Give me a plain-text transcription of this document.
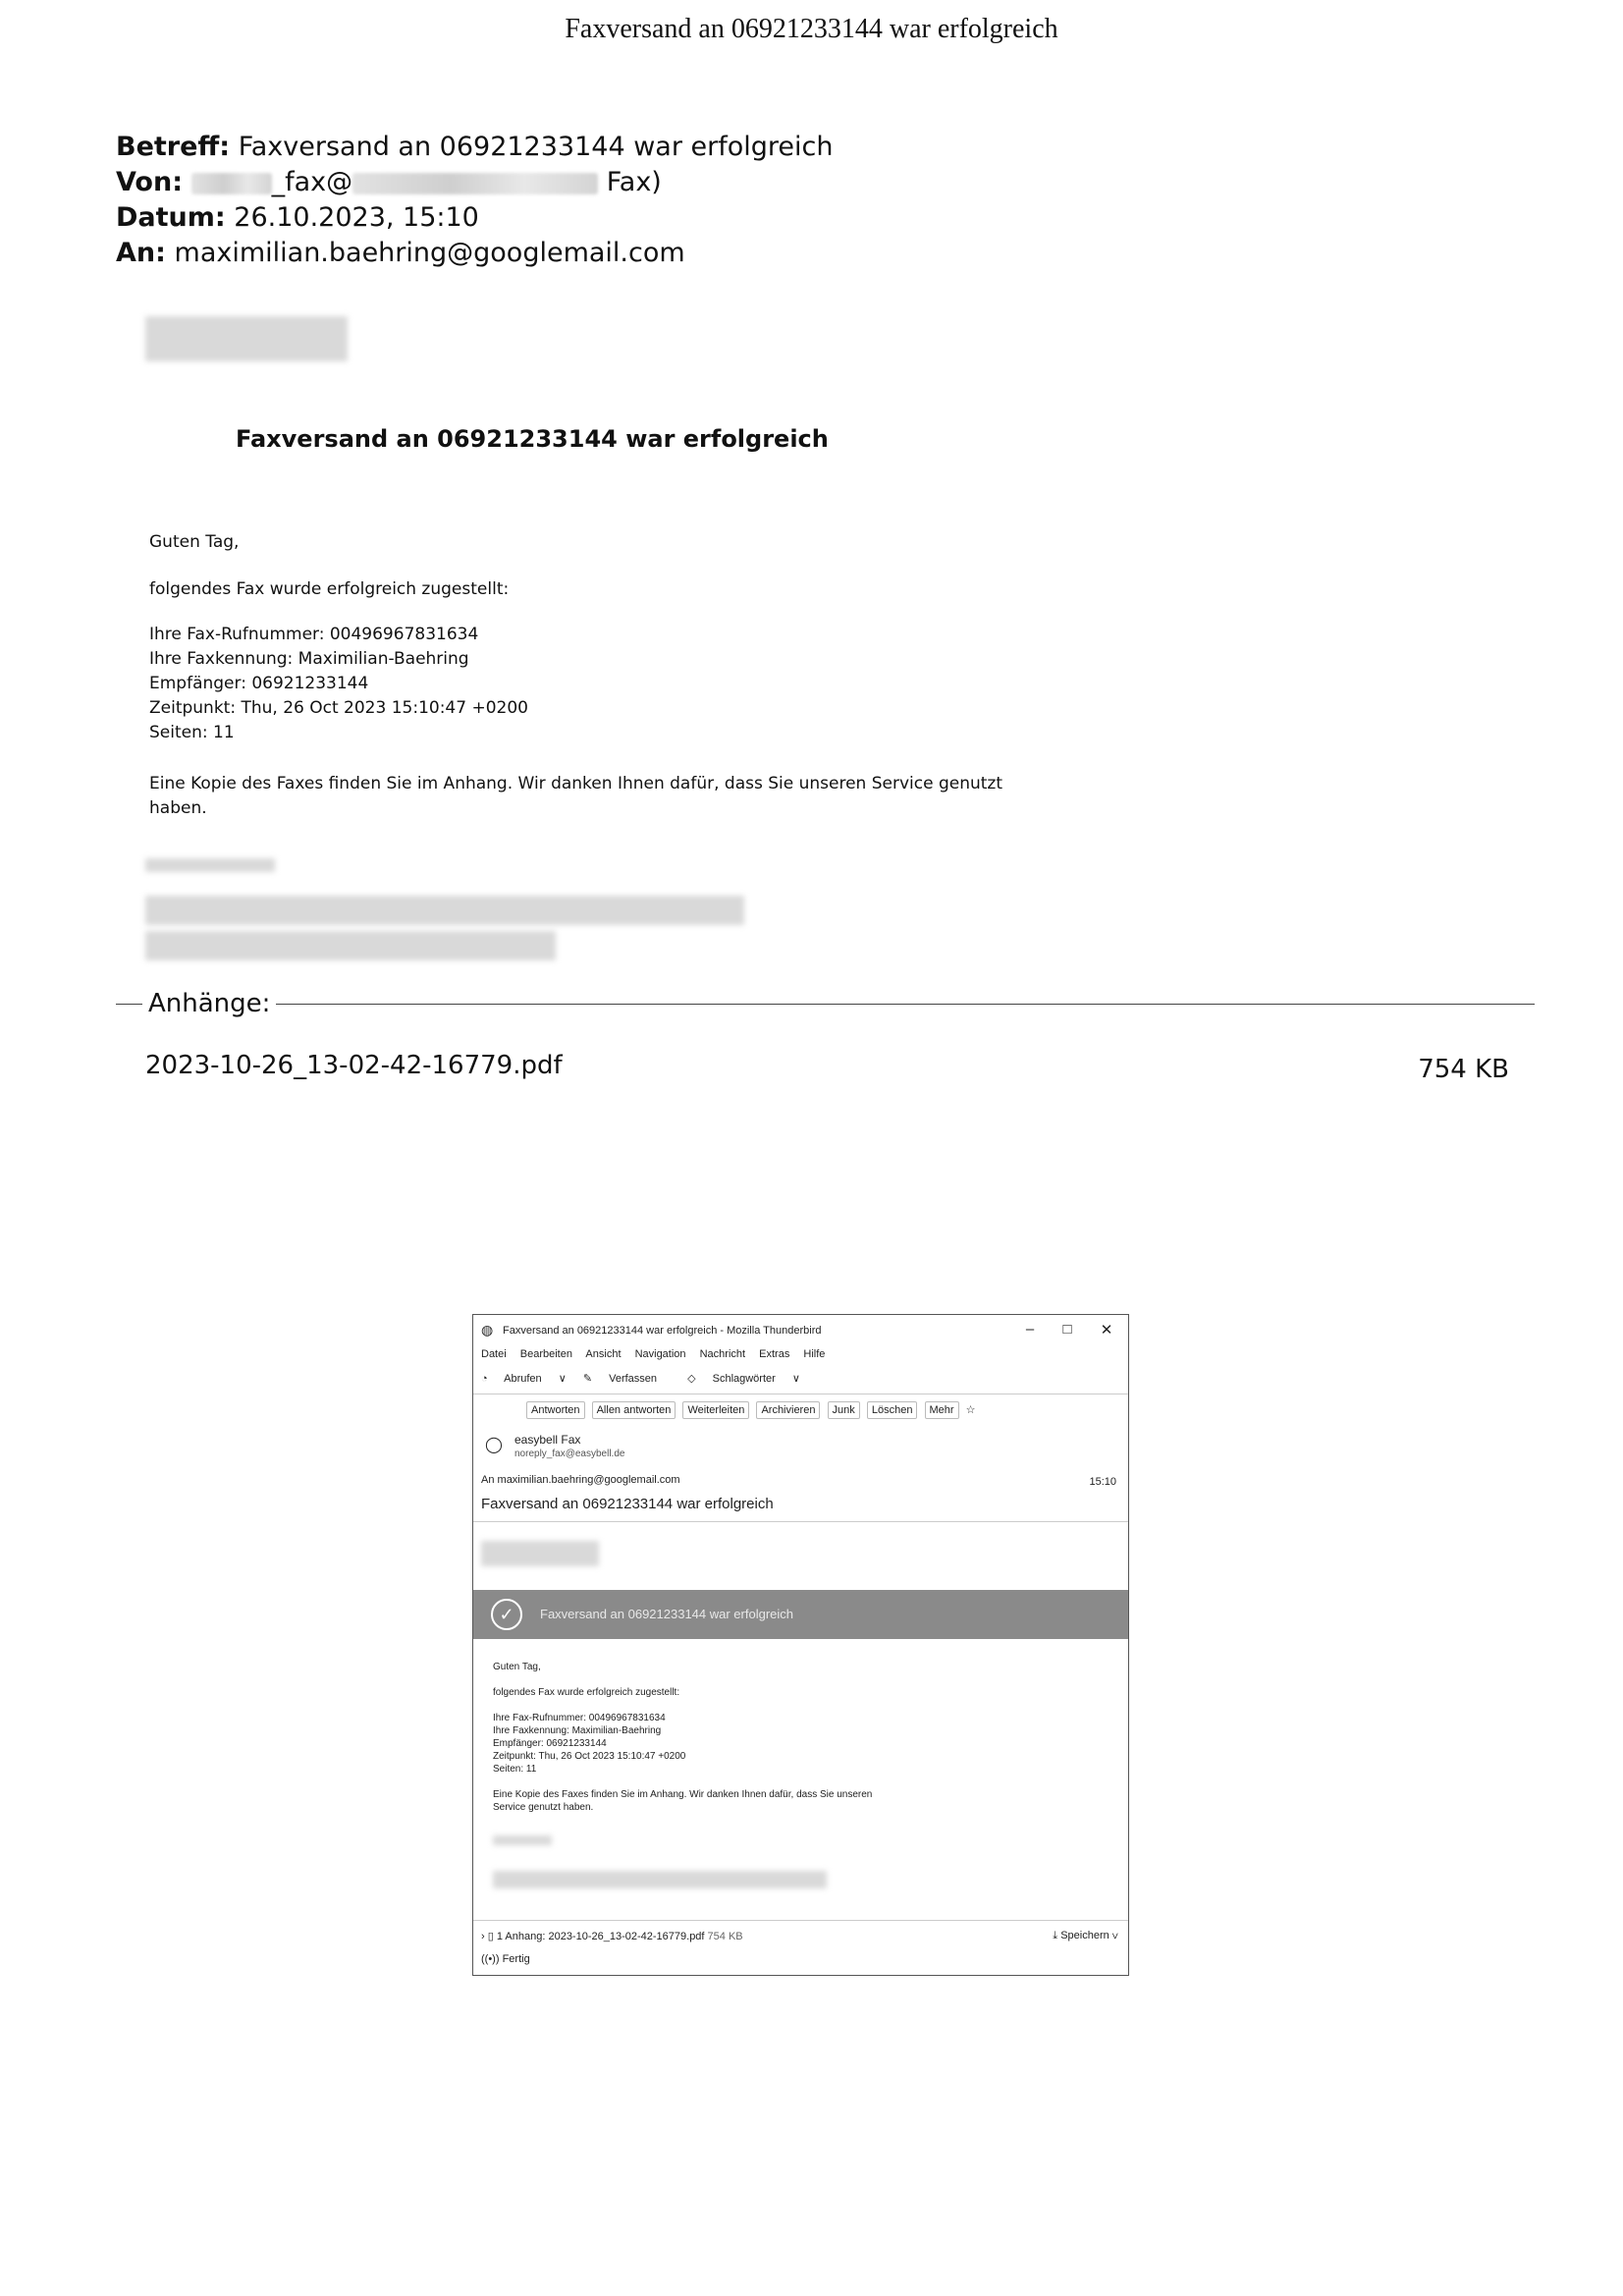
Faxversand an 06921233144 war erfolgreich
Betreff: Faxversand an 06921233144 war erfolgreich
Von:	_fax@	Fax)
Datum: 26.10.2023, 15:10
An: maximilian.baehring@googlemail.com
Faxversand an 06921233144 war erfolgreich
Guten Tag,
folgendes Fax wurde erfolgreich zugestellt:
Ihre Fax-Rufnummer: 00496967831634
Ihre Faxkennung: Maximilian-Baehring
Empfänger: 06921233144
Zeitpunkt: Thu, 26 Oct 2023 15:10:47 +0200
Seiten: 11
Eine Kopie des Faxes finden Sie im Anhang. Wir danken Ihnen dafür, dass Sie unseren Service genutzt
haben.
Anhänge:
2023-10-26_13-02-42-16779.pdf	754 KB
◍ Faxversand an 06921233144 war erfolgreich - Mozilla Thunderbird	–	□	✕
Datei Bearbeiten Ansicht Navigation Nachricht Extras Hilfe
◔ Abrufen ∨ ✎ Verfassen	◇ Schlagwörter ∨
Antworten Allen antworten Weiterleiten Archivieren Junk Löschen Mehr ☆
◯ easybell Fax
noreply_fax@easybell.de
An maximilian.baehring@googlemail.com	15:10
Faxversand an 06921233144 war erfolgreich
✓	Faxversand an 06921233144 war erfolgreich
Guten Tag,
folgendes Fax wurde erfolgreich zugestellt:
Ihre Fax-Rufnummer: 00496967831634
Ihre Faxkennung: Maximilian-Baehring
Empfänger: 06921233144
Zeitpunkt: Thu, 26 Oct 2023 15:10:47 +0200
Seiten: 11
Eine Kopie des Faxes finden Sie im Anhang. Wir danken Ihnen dafür, dass Sie unseren
Service genutzt haben.
› ▯ 1 Anhang: 2023-10-26_13-02-42-16779.pdf 754 KB	⤓ Speichern ∨
((•)) Fertig
